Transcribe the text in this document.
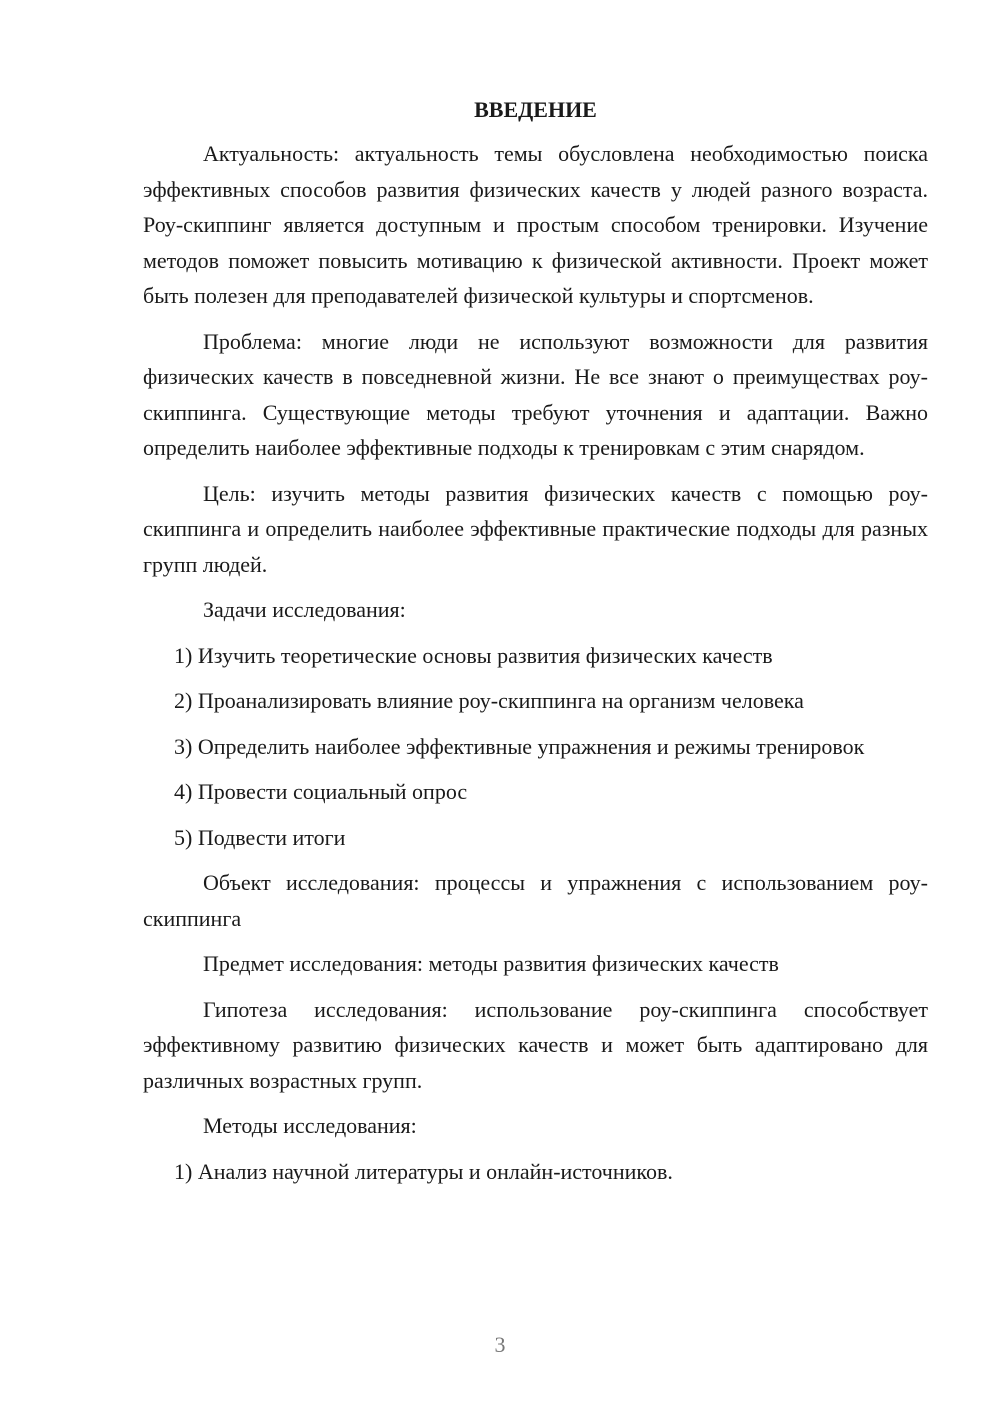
ВВЕДЕНИЕ

Актуальность: актуальность темы обусловлена необходимостью поиска эффективных способов развития физических качеств у людей разного возраста. Роу-скиппинг является доступным и простым способом тренировки. Изучение методов поможет повысить мотивацию к физической активности. Проект может быть полезен для преподавателей физической культуры и спортсменов.

Проблема: многие люди не используют возможности для развития физических качеств в повседневной жизни. Не все знают о преимуществах роу-скиппинга. Существующие методы требуют уточнения и адаптации. Важно определить наиболее эффективные подходы к тренировкам с этим снарядом.

Цель: изучить методы развития физических качеств с помощью роу-скиппинга и определить наиболее эффективные практические подходы для разных групп людей.

Задачи исследования:

1) Изучить теоретические основы развития физических качеств

2) Проанализировать влияние роу-скиппинга на организм человека

3) Определить наиболее эффективные упражнения и режимы тренировок

4) Провести социальный опрос

5) Подвести итоги

Объект исследования: процессы и упражнения с использованием роу-скиппинга

Предмет исследования: методы развития физических качеств

Гипотеза исследования: использование роу-скиппинга способствует эффективному развитию физических качеств и может быть адаптировано для различных возрастных групп.

Методы исследования:

1) Анализ научной литературы и онлайн-источников.

3
